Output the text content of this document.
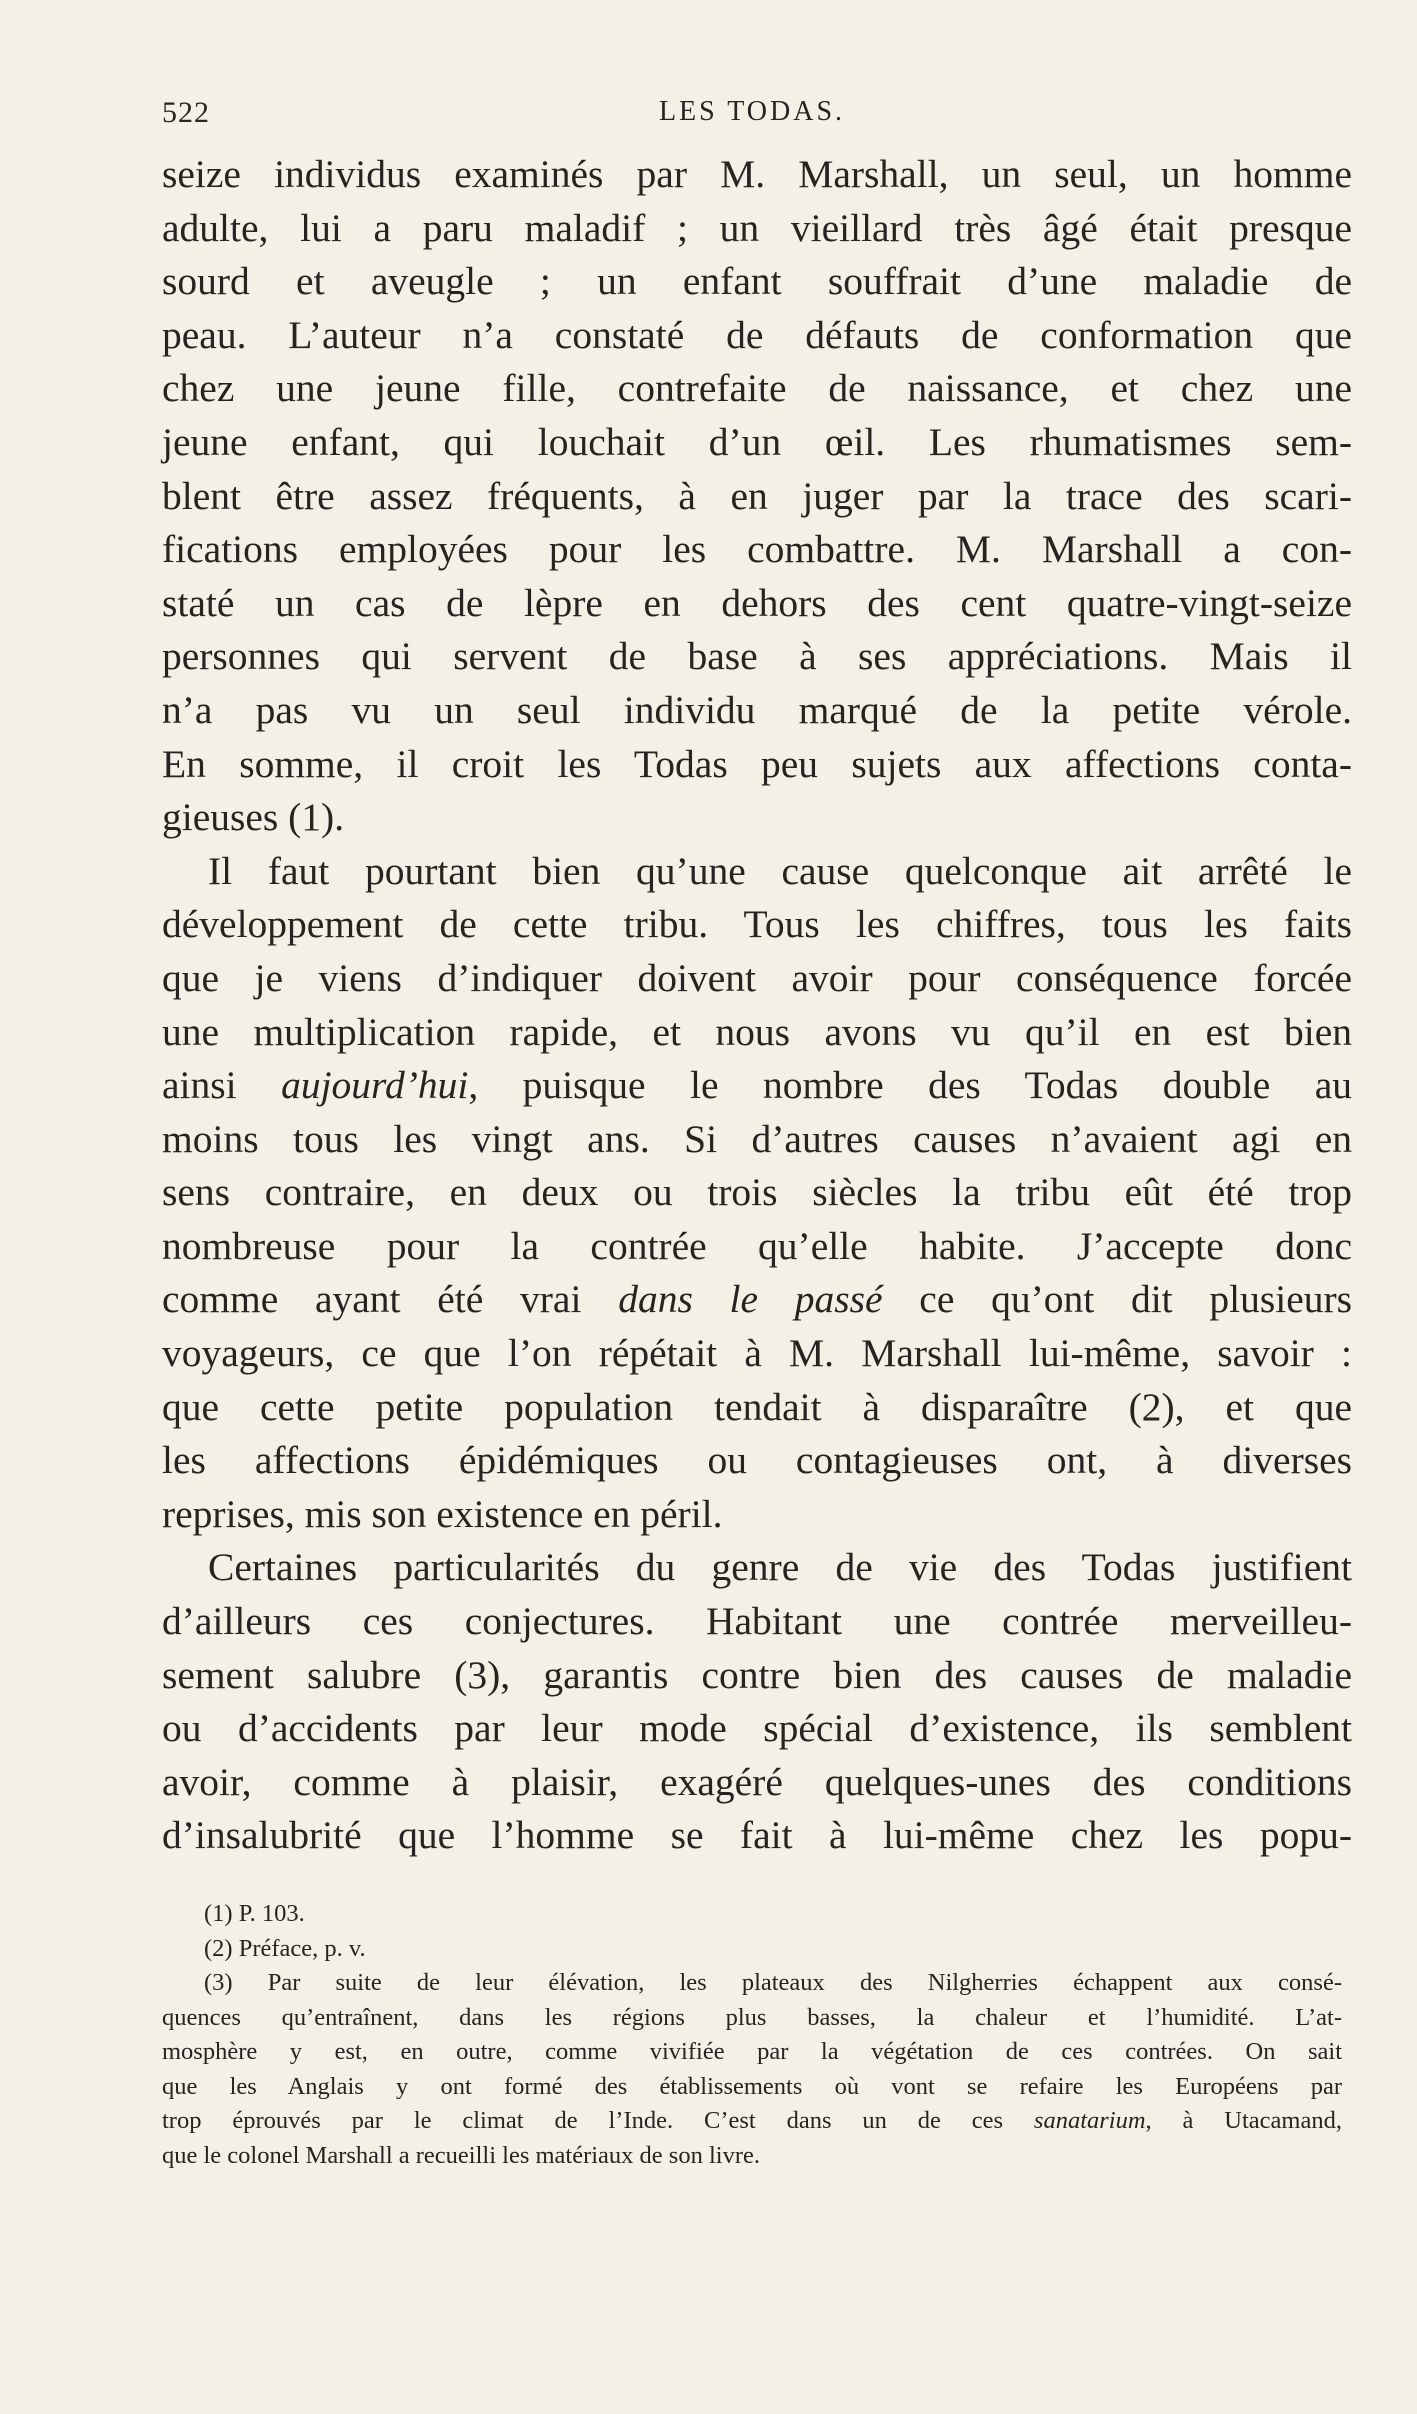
522	LES TODAS.
seize individus examinés par M. Marshall, un seul, un homme
adulte, lui a paru maladif ; un vieillard très âgé était presque
sourd et aveugle ; un enfant souffrait d’une maladie de
peau. L’auteur n’a constaté de défauts de conformation que
chez une jeune fille, contrefaite de naissance, et chez une
jeune enfant, qui louchait d’un œil. Les rhumatismes sem-
blent être assez fréquents, à en juger par la trace des scari-
fications employées pour les combattre. M. Marshall a con-
staté un cas de lèpre en dehors des cent quatre-vingt-seize
personnes qui servent de base à ses appréciations. Mais il
n’a pas vu un seul individu marqué de la petite vérole.
En somme, il croit les Todas peu sujets aux affections conta-
gieuses (1).
Il faut pourtant bien qu’une cause quelconque ait arrêté le
développement de cette tribu. Tous les chiffres, tous les faits
que je viens d’indiquer doivent avoir pour conséquence forcée
une multiplication rapide, et nous avons vu qu’il en est bien
ainsi aujourd’hui, puisque le nombre des Todas double au
moins tous les vingt ans. Si d’autres causes n’avaient agi en
sens contraire, en deux ou trois siècles la tribu eût été trop
nombreuse pour la contrée qu’elle habite. J’accepte donc
comme ayant été vrai dans le passé ce qu’ont dit plusieurs
voyageurs, ce que l’on répétait à M. Marshall lui-même, savoir :
que cette petite population tendait à disparaître (2), et que
les affections épidémiques ou contagieuses ont, à diverses
reprises, mis son existence en péril.
Certaines particularités du genre de vie des Todas justifient
d’ailleurs ces conjectures. Habitant une contrée merveilleu-
sement salubre (3), garantis contre bien des causes de maladie
ou d’accidents par leur mode spécial d’existence, ils semblent
avoir, comme à plaisir, exagéré quelques-unes des conditions
d’insalubrité que l’homme se fait à lui-même chez les popu-
(1) P. 103.
(2) Préface, p. v.
(3) Par suite de leur élévation, les plateaux des Nilgherries échappent aux consé-
quences qu’entraînent, dans les régions plus basses, la chaleur et l’humidité. L’at-
mosphère y est, en outre, comme vivifiée par la végétation de ces contrées. On sait
que les Anglais y ont formé des établissements où vont se refaire les Européens par
trop éprouvés par le climat de l’Inde. C’est dans un de ces sanatarium, à Utacamand,
que le colonel Marshall a recueilli les matériaux de son livre.
